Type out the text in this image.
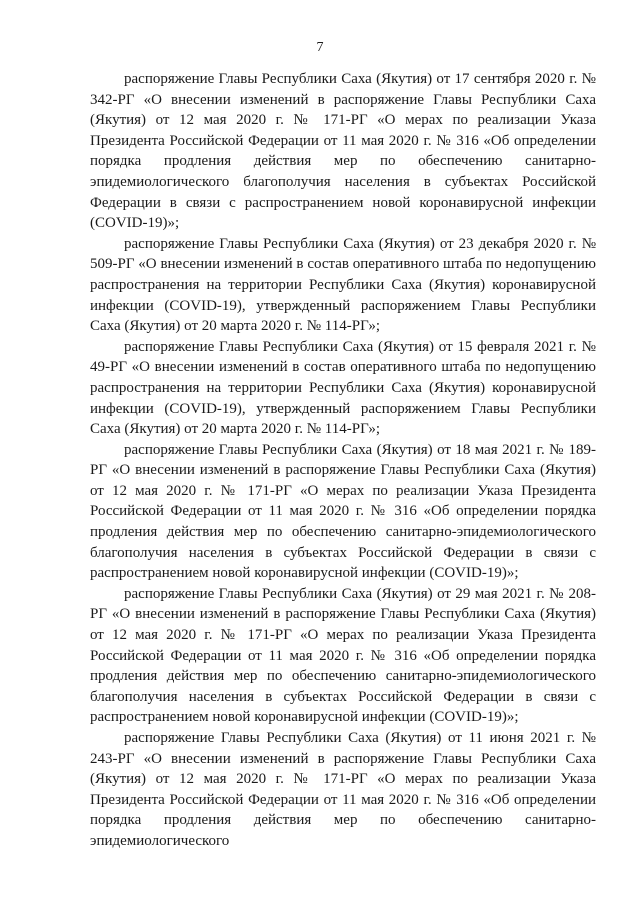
7

распоряжение Главы Республики Саха (Якутия) от 17 сентября 2020 г. № 342-РГ «О внесении изменений в распоряжение Главы Республики Саха (Якутия) от 12 мая 2020 г. № 171-РГ «О мерах по реализации Указа Президента Российской Федерации от 11 мая 2020 г. № 316 «Об определении порядка продления действия мер по обеспечению санитарно-эпидемиологического благополучия населения в субъектах Российской Федерации в связи с распространением новой коронавирусной инфекции (COVID-19)»;

распоряжение Главы Республики Саха (Якутия) от 23 декабря 2020 г. № 509-РГ «О внесении изменений в состав оперативного штаба по недопущению распространения на территории Республики Саха (Якутия) коронавирусной инфекции (COVID-19), утвержденный распоряжением Главы Республики Саха (Якутия) от 20 марта 2020 г. № 114-РГ»;

распоряжение Главы Республики Саха (Якутия) от 15 февраля 2021 г. № 49-РГ «О внесении изменений в состав оперативного штаба по недопущению распространения на территории Республики Саха (Якутия) коронавирусной инфекции (COVID-19), утвержденный распоряжением Главы Республики Саха (Якутия) от 20 марта 2020 г. № 114-РГ»;

распоряжение Главы Республики Саха (Якутия) от 18 мая 2021 г. № 189-РГ «О внесении изменений в распоряжение Главы Республики Саха (Якутия) от 12 мая 2020 г. № 171-РГ «О мерах по реализации Указа Президента Российской Федерации от 11 мая 2020 г. № 316 «Об определении порядка продления действия мер по обеспечению санитарно-эпидемиологического благополучия населения в субъектах Российской Федерации в связи с распространением новой коронавирусной инфекции (COVID-19)»;

распоряжение Главы Республики Саха (Якутия) от 29 мая 2021 г. № 208-РГ «О внесении изменений в распоряжение Главы Республики Саха (Якутия) от 12 мая 2020 г. № 171-РГ «О мерах по реализации Указа Президента Российской Федерации от 11 мая 2020 г. № 316 «Об определении порядка продления действия мер по обеспечению санитарно-эпидемиологического благополучия населения в субъектах Российской Федерации в связи с распространением новой коронавирусной инфекции (COVID-19)»;

распоряжение Главы Республики Саха (Якутия) от 11 июня 2021 г. № 243-РГ «О внесении изменений в распоряжение Главы Республики Саха (Якутия) от 12 мая 2020 г. № 171-РГ «О мерах по реализации Указа Президента Российской Федерации от 11 мая 2020 г. № 316 «Об определении порядка продления действия мер по обеспечению санитарно-эпидемиологического
